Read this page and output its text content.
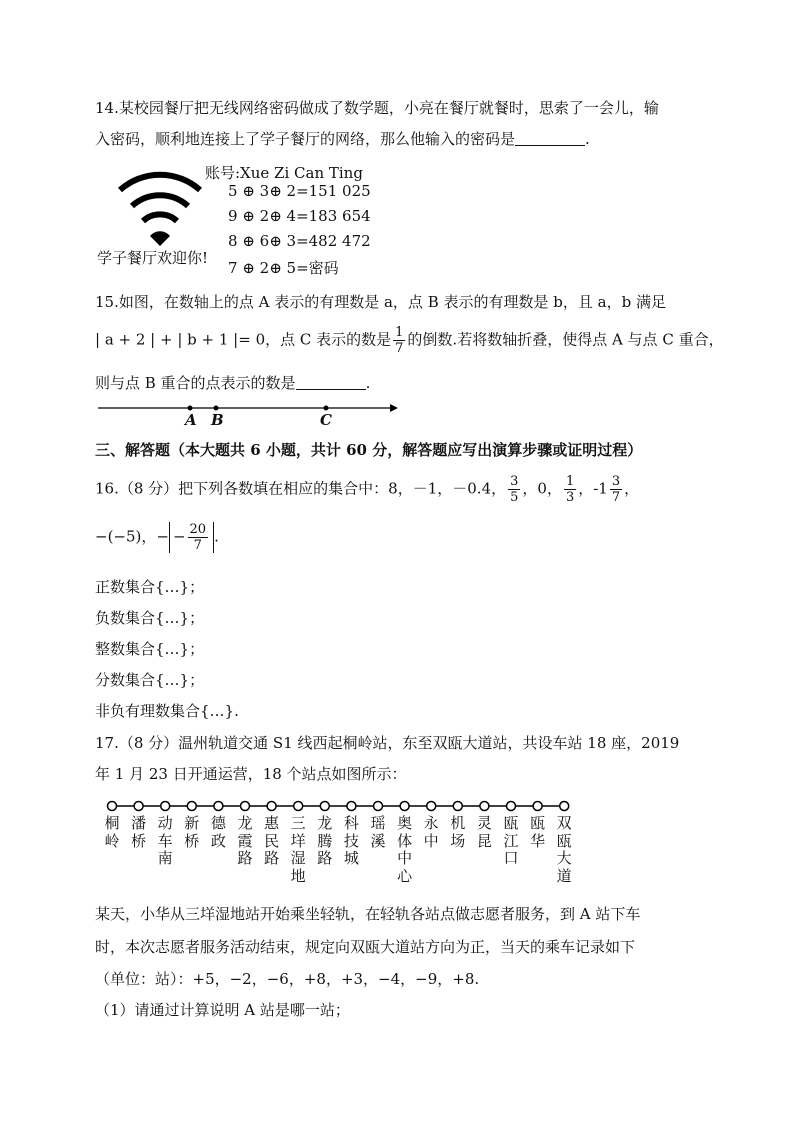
14.某校园餐厅把无线网络密码做成了数学题，小亮在餐厅就餐时，思索了一会儿，输
入密码，顺利地连接上了学子餐厅的网络，那么他输入的密码是	.
账号:Xue Zi Can Ting
5 ⊕ 3⊕ 2=151 025
9 ⊕ 2⊕ 4=183 654
8 ⊕ 6⊕ 3=482 472
7 ⊕ 2⊕ 5=密码
学子餐厅欢迎你!
15.如图，在数轴上的点 A 表示的有理数是 a，点 B 表示的有理数是 b，且 a，b 满足
| a + 2 | + | b + 1 |= 0，点 C 表示的数是 $\frac{1}{7}$ 的倒数.若将数轴折叠，使得点 A 与点 C 重合，
则与点 B 重合的点表示的数是	.
A B	C
三、解答题（本大题共 6 小题，共计 60 分，解答题应写出演算步骤或证明过程）
16.（8 分）把下列各数填在相应的集合中：8，－1，－0.4， $\frac{3}{5}$ ，0， $\frac{1}{3}$ ，$-1 \frac{3}{7}$ ，
−(−5)，− − $\frac{20}{7}$ .
正数集合{…}；
负数集合{…}；
整数集合{…}；
分数集合{…}；
非负有理数集合{…}.
17.（8 分）温州轨道交通 S1 线西起桐岭站，东至双瓯大道站，共设车站 18 座，2019
年 1 月 23 日开通运营，18 个站点如图所示：
桐岭
潘桥
动车南
新桥
德政
龙霞路
惠民路
三垟湿地
龙腾路
科技城
瑶溪
奥体中心
永中
机场
灵昆
瓯江口
瓯华
双瓯大道
某天，小华从三垟湿地站开始乘坐轻轨，在轻轨各站点做志愿者服务，到 A 站下车
时，本次志愿者服务活动结束，规定向双瓯大道站方向为正，当天的乘车记录如下
（单位：站）：+5，−2，−6，+8，+3，−4，−9，+8.
（1）请通过计算说明 A 站是哪一站；
